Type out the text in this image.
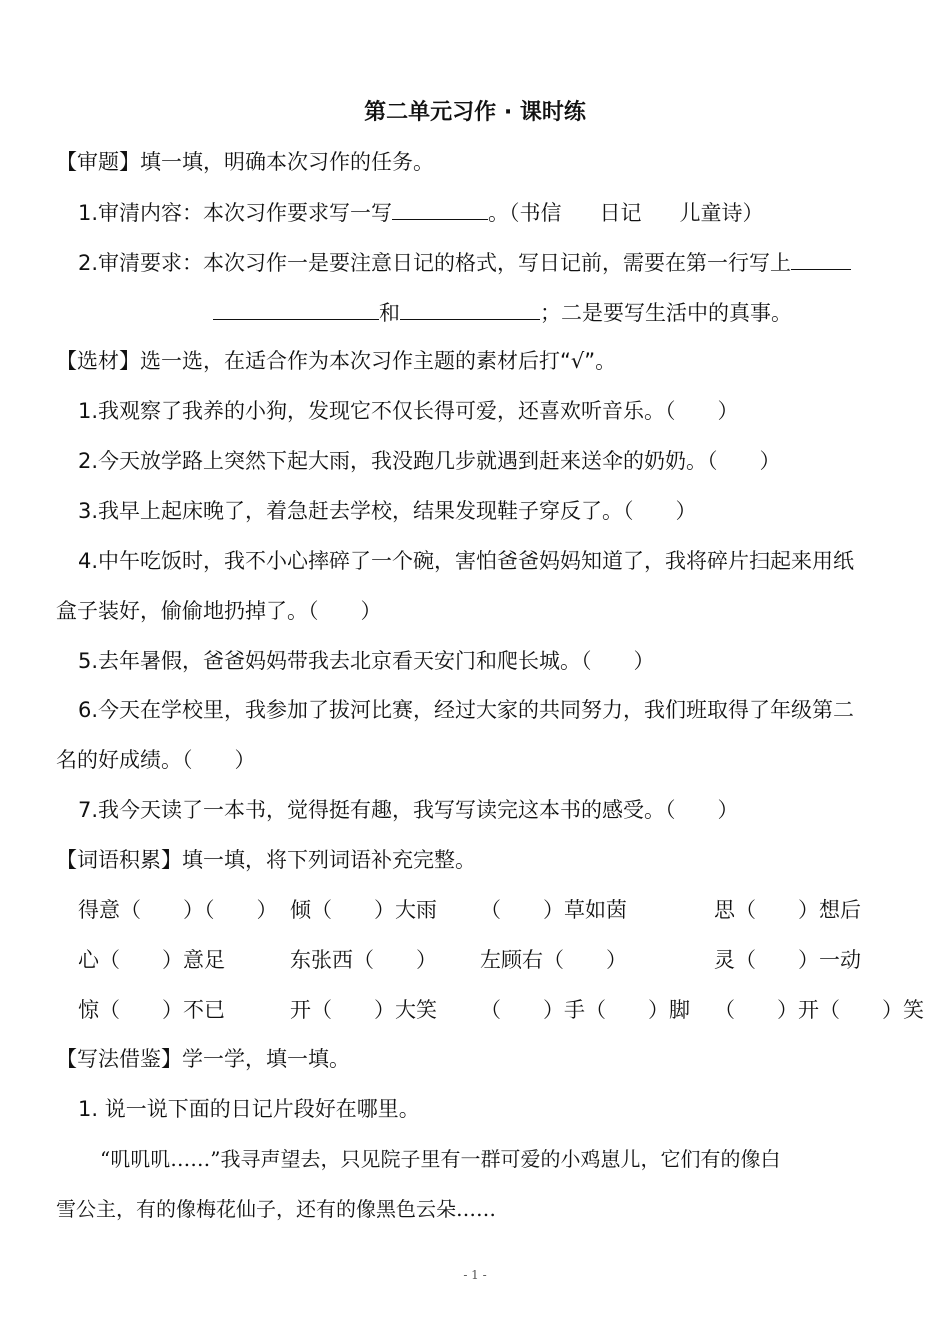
第二单元习作 · 课时练
【审题】填一填，明确本次习作的任务。
1.审清内容：本次习作要求写一写	。（书信 日记 儿童诗）
2.审清要求：本次习作一是要注意日记的格式，写日记前，需要在第一行写上
和	；二是要写生活中的真事。
【选材】选一选，在适合作为本次习作主题的素材后打“√”。
1.我观察了我养的小狗，发现它不仅长得可爱，还喜欢听音乐。（　　）
2.今天放学路上突然下起大雨，我没跑几步就遇到赶来送伞的奶奶。（　　）
3.我早上起床晚了，着急赶去学校，结果发现鞋子穿反了。（　　）
4.中午吃饭时，我不小心摔碎了一个碗，害怕爸爸妈妈知道了，我将碎片扫起来用纸
盒子装好，偷偷地扔掉了。（　　）
5.去年暑假，爸爸妈妈带我去北京看天安门和爬长城。（　　）
6.今天在学校里，我参加了拔河比赛，经过大家的共同努力，我们班取得了年级第二
名的好成绩。（　　）
7.我今天读了一本书，觉得挺有趣，我写写读完这本书的感受。（　　）
【词语积累】填一填，将下列词语补充完整。
得意（　　）（　　） 倾（　　）大雨 （　　）草如茵	思（　　）想后
心（　　）意足	东张西（　　） 左顾右（　　）	灵（　　）一动
惊（　　）不已	开（　　）大笑 （　　）手（　　）脚 （　　）开（　　）笑
【写法借鉴】学一学，填一填。
1. 说一说下面的日记片段好在哪里。
“叽叽叽……”我寻声望去，只见院子里有一群可爱的小鸡崽儿，它们有的像白
雪公主，有的像梅花仙子，还有的像黑色云朵……
- 1 -
